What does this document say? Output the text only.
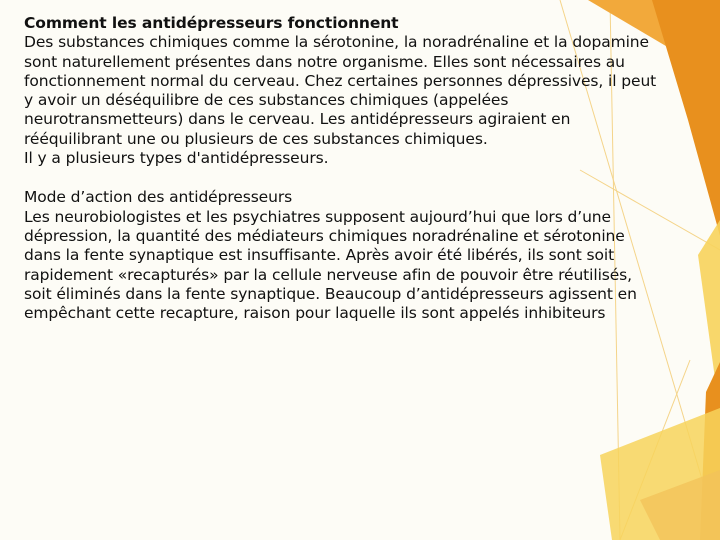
Comment les antidépresseurs fonctionnent

Des substances chimiques comme la sérotonine, la noradrénaline et la dopamine sont naturellement présentes dans notre organisme. Elles sont nécessaires au fonctionnement normal du cerveau. Chez certaines personnes dépressives, il peut y avoir un déséquilibre de ces substances chimiques (appelées neurotransmetteurs) dans le cerveau. Les antidépresseurs agiraient en rééquilibrant une ou plusieurs de ces substances chimiques.

Il y a plusieurs types d'antidépresseurs.

Mode d’action des antidépresseurs

Les neurobiologistes et les psychiatres supposent aujourd’hui que lors d’une dépression, la quantité des médiateurs chimiques noradrénaline et sérotonine dans la fente synaptique est insuffisante. Après avoir été libérés, ils sont soit rapidement «recapturés» par la cellule nerveuse afin de pouvoir être réutilisés, soit éliminés dans la fente synaptique. Beaucoup d’antidépresseurs agissent en empêchant cette recapture, raison pour laquelle ils sont appelés inhibiteurs
